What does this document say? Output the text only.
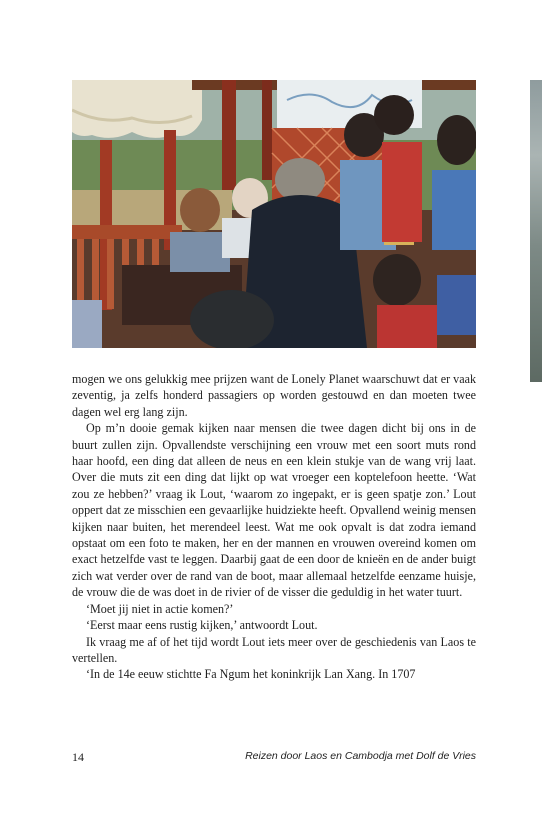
mogen we ons gelukkig mee prijzen want de Lonely Planet waarschuwt dat er vaak zeventig, ja zelfs honderd passagiers op worden gestouwd en dan moeten twee dagen wel erg lang zijn.

Op m’n dooie gemak kijken naar mensen die twee dagen dicht bij ons in de buurt zullen zijn. Opvallendste verschijning een vrouw met een soort muts rond haar hoofd, een ding dat alleen de neus en een klein stukje van de wang vrij laat. Over die muts zit een ding dat lijkt op wat vroeger een koptelefoon heette. ‘Wat zou ze hebben?’ vraag ik Lout, ‘waarom zo ingepakt, er is geen spatje zon.’ Lout oppert dat ze misschien een gevaarlijke huidziekte heeft. Opvallend weinig mensen kijken naar buiten, het merendeel leest. Wat me ook opvalt is dat zodra iemand opstaat om een foto te maken, her en der mannen en vrouwen overeind komen om exact hetzelfde vast te leggen. Daarbij gaat de een door de knieën en de ander buigt zich wat verder over de rand van de boot, maar allemaal hetzelfde eenzame huisje, de vrouw die de was doet in de rivier of de visser die geduldig in het water tuurt.

‘Moet jij niet in actie komen?’

‘Eerst maar eens rustig kijken,’ antwoordt Lout.

Ik vraag me af of het tijd wordt Lout iets meer over de geschiedenis van Laos te vertellen.

‘In de 14e eeuw stichtte Fa Ngum het koninkrijk Lan Xang. In 1707

14	Reizen door Laos en Cambodja met Dolf de Vries
